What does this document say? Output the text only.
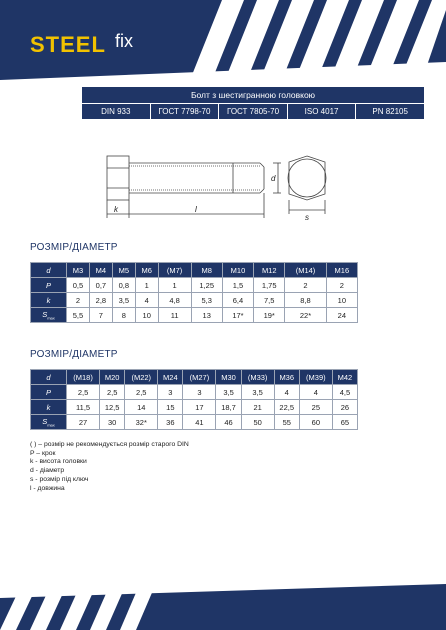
STEEL fix
Болт з шестигранною головкою
DIN 933	ГОСТ 7798-70	ГОСТ 7805-70	ISO 4017	PN 82105
d
k	l
s
РОЗМІР/ДІАМЕТР
d	M3	M4	M5	M6	(M7)	M8	M10	M12	(M14)	M16
P	0,5	0,7	0,8	1	1	1,25	1,5	1,75	2	2
k	2	2,8	3,5	4	4,8	5,3	6,4	7,5	8,8	10
$S_{max}$	5,5	7	8	10	11	13	17*	19*	22*	24
РОЗМІР/ДІАМЕТР
d	(M18)	M20	(M22)	M24	(M27)	M30	(M33)	M36	(M39)	M42
P	2,5	2,5	2,5	3	3	3,5	3,5	4	4	4,5
k	11,5	12,5	14	15	17	18,7	21	22,5	25	26
$S_{max}$	27	30	32*	36	41	46	50	55	60	65
( ) – розмір не рекомендується розмір старого DIN
P – крок
k - висота головки
d - діаметр
s - розмір під ключ
l - довжина
